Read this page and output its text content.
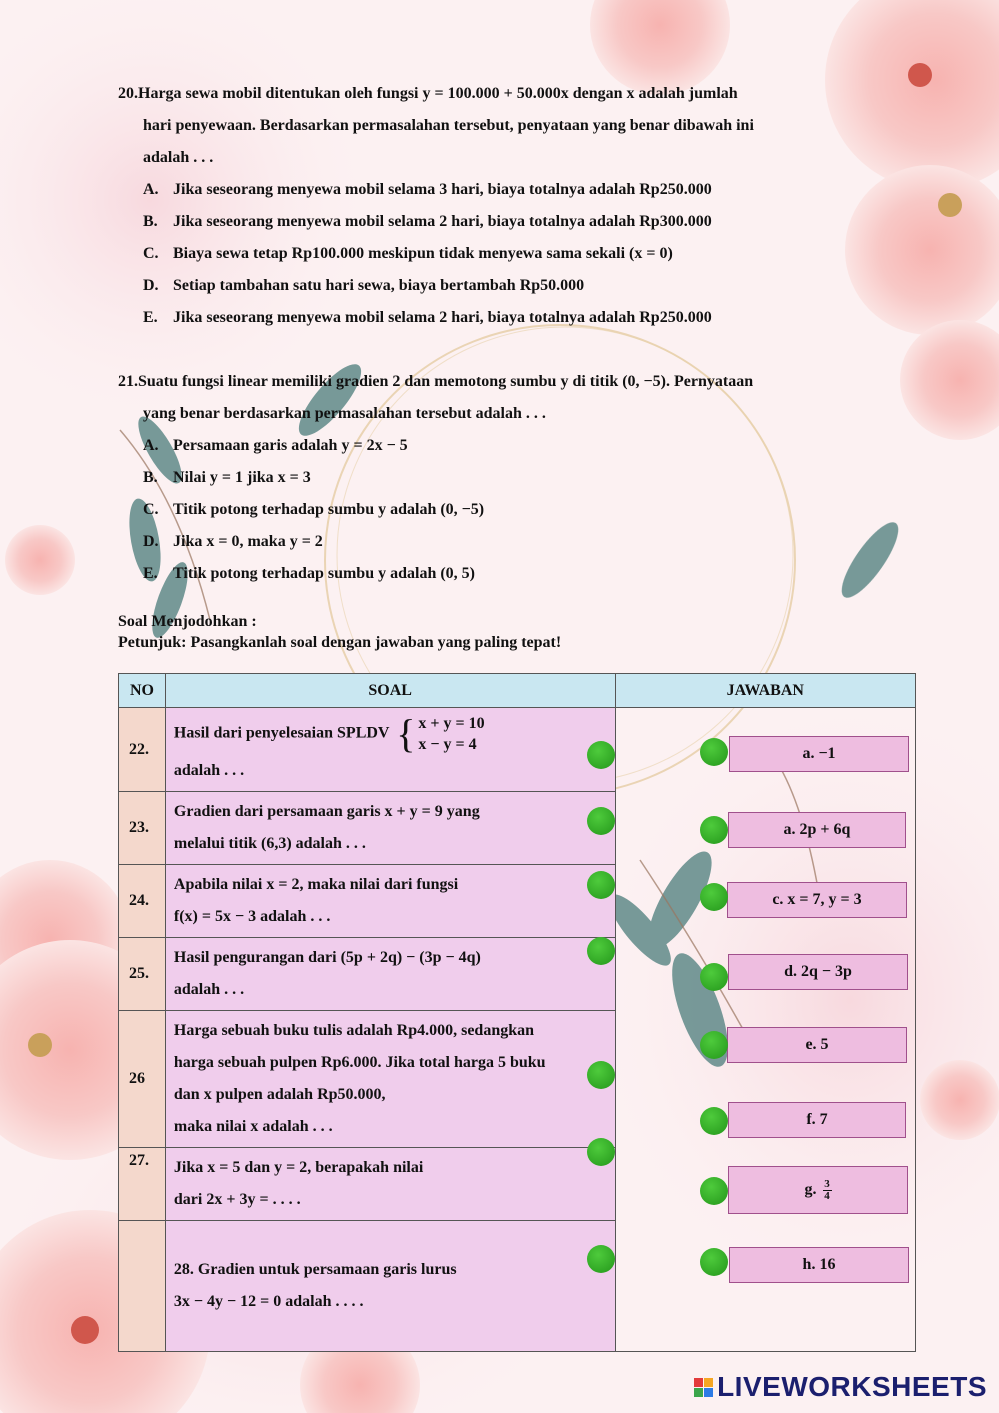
20.Harga sewa mobil ditentukan oleh fungsi y = 100.000 + 50.000x dengan x adalah jumlah
hari penyewaan. Berdasarkan permasalahan tersebut, penyataan yang benar dibawah ini
adalah . . .
A. Jika seseorang menyewa mobil selama 3 hari, biaya totalnya adalah Rp250.000
B. Jika seseorang menyewa mobil selama 2 hari, biaya totalnya adalah Rp300.000
C. Biaya sewa tetap Rp100.000 meskipun tidak menyewa sama sekali (x = 0)
D. Setiap tambahan satu hari sewa, biaya bertambah Rp50.000
E. Jika seseorang menyewa mobil selama 2 hari, biaya totalnya adalah Rp250.000
21.Suatu fungsi linear memiliki gradien 2 dan memotong sumbu y di titik (0, −5). Pernyataan
yang benar berdasarkan permasalahan tersebut adalah . . .
A. Persamaan garis adalah y = 2x − 5
B. Nilai y = 1 jika x = 3
C. Titik potong terhadap sumbu y adalah (0, −5)
D. Jika x = 0, maka y = 2
E. Titik potong terhadap sumbu y adalah (0, 5)
Soal Menjodohkan :
Petunjuk: Pasangkanlah soal dengan jawaban yang paling tepat!
NO	SOAL	JAWABAN
22.	Hasil dari penyelesaian SPLDV { x + y = 10
x − y = 4
adalah . . .	

23.	Gradien dari persamaan garis x + y = 9 yang
melalui titik (6,3) adalah . . .	

24.	Apabila nilai x = 2, maka nilai dari fungsi
f(x) = 5x − 3 adalah . . .	

25.	Hasil pengurangan dari (5p + 2q) − (3p − 4q)
adalah . . .	

26	Harga sebuah buku tulis adalah Rp4.000, sedangkan
harga sebuah pulpen Rp6.000. Jika total harga 5 buku
dan x pulpen adalah Rp50.000,
maka nilai x adalah . . .	

27.	Jika x = 5 dan y = 2, berapakah nilai
dari 2x + 3y = . . . .	

	28. Gradien untuk persamaan garis lurus
3x − 4y − 12 = 0 adalah . . . .	
a. −1
a. 2p + 6q
c. x = 7, y = 3
d. 2q − 3p
e. 5
f. 7
g. $\frac{3}{4}$
h. 16
LIVEWORKSHEETS
